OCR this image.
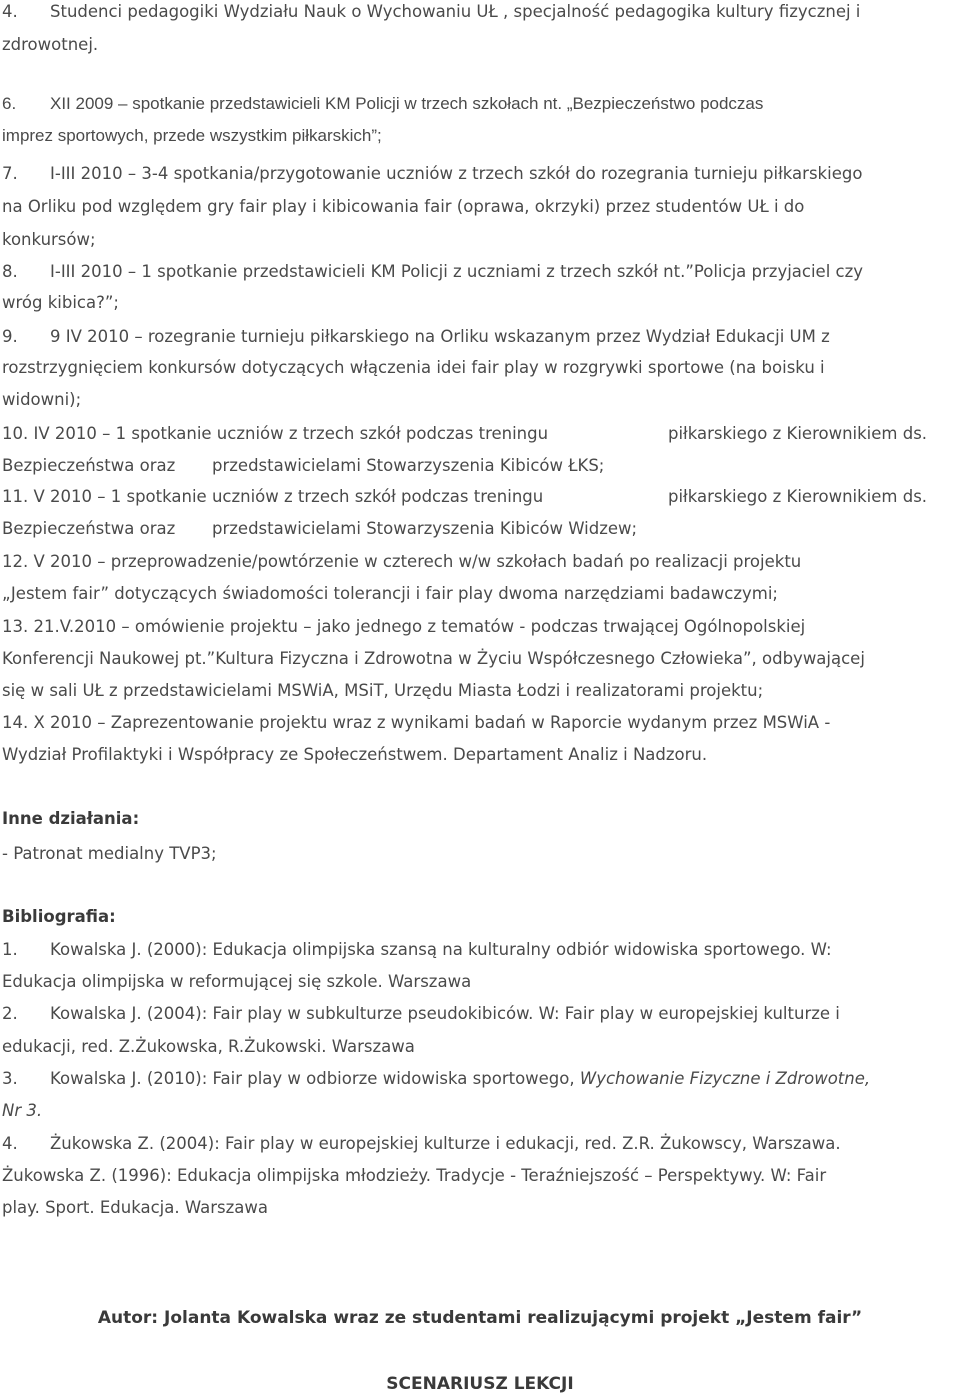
4. Studenci pedagogiki Wydziału Nauk o Wychowaniu UŁ , specjalność pedagogika kultury fizycznej i
zdrowotnej.
6. XII 2009 – spotkanie przedstawicieli KM Policji w trzech szkołach nt. „Bezpieczeństwo podczas
imprez sportowych, przede wszystkim piłkarskich”;
7. I-III 2010 – 3-4 spotkania/przygotowanie uczniów z trzech szkół do rozegrania turnieju piłkarskiego
na Orliku pod względem gry fair play i kibicowania fair (oprawa, okrzyki) przez studentów UŁ i do
konkursów;
8. I-III 2010 – 1 spotkanie przedstawicieli KM Policji z uczniami z trzech szkół nt.”Policja przyjaciel czy
wróg kibica?”;
9. 9 IV 2010 – rozegranie turnieju piłkarskiego na Orliku wskazanym przez Wydział Edukacji UM z
rozstrzygnięciem konkursów dotyczących włączenia idei fair play w rozgrywki sportowe (na boisku i
widowni);
10. IV 2010 – 1 spotkanie uczniów z trzech szkół podczas treningu	piłkarskiego z Kierownikiem ds.
Bezpieczeństwa oraz przedstawicielami Stowarzyszenia Kibiców ŁKS;
11. V 2010 – 1 spotkanie uczniów z trzech szkół podczas treningu	piłkarskiego z Kierownikiem ds.
Bezpieczeństwa oraz przedstawicielami Stowarzyszenia Kibiców Widzew;
12. V 2010 – przeprowadzenie/powtórzenie w czterech w/w szkołach badań po realizacji projektu
„Jestem fair” dotyczących świadomości tolerancji i fair play dwoma narzędziami badawczymi;
13. 21.V.2010 – omówienie projektu – jako jednego z tematów - podczas trwającej Ogólnopolskiej
Konferencji Naukowej pt.”Kultura Fizyczna i Zdrowotna w Życiu Współczesnego Człowieka”, odbywającej
się w sali UŁ z przedstawicielami MSWiA, MSiT, Urzędu Miasta Łodzi i realizatorami projektu;
14. X 2010 – Zaprezentowanie projektu wraz z wynikami badań w Raporcie wydanym przez MSWiA -
Wydział Profilaktyki i Współpracy ze Społeczeństwem. Departament Analiz i Nadzoru.
Inne działania:
- Patronat medialny TVP3;
Bibliografia:
1. Kowalska J. (2000): Edukacja olimpijska szansą na kulturalny odbiór widowiska sportowego. W:
Edukacja olimpijska w reformującej się szkole. Warszawa
2. Kowalska J. (2004): Fair play w subkulturze pseudokibiców. W: Fair play w europejskiej kulturze i
edukacji, red. Z.Żukowska, R.Żukowski. Warszawa
3. Kowalska J. (2010): Fair play w odbiorze widowiska sportowego, Wychowanie Fizyczne i Zdrowotne,
Nr 3.
4. Żukowska Z. (2004): Fair play w europejskiej kulturze i edukacji, red. Z.R. Żukowscy, Warszawa.
Żukowska Z. (1996): Edukacja olimpijska młodzieży. Tradycje - Teraźniejszość – Perspektywy. W: Fair
play. Sport. Edukacja. Warszawa
Autor: Jolanta Kowalska wraz ze studentami realizującymi projekt „Jestem fair”
SCENARIUSZ LEKCJI
